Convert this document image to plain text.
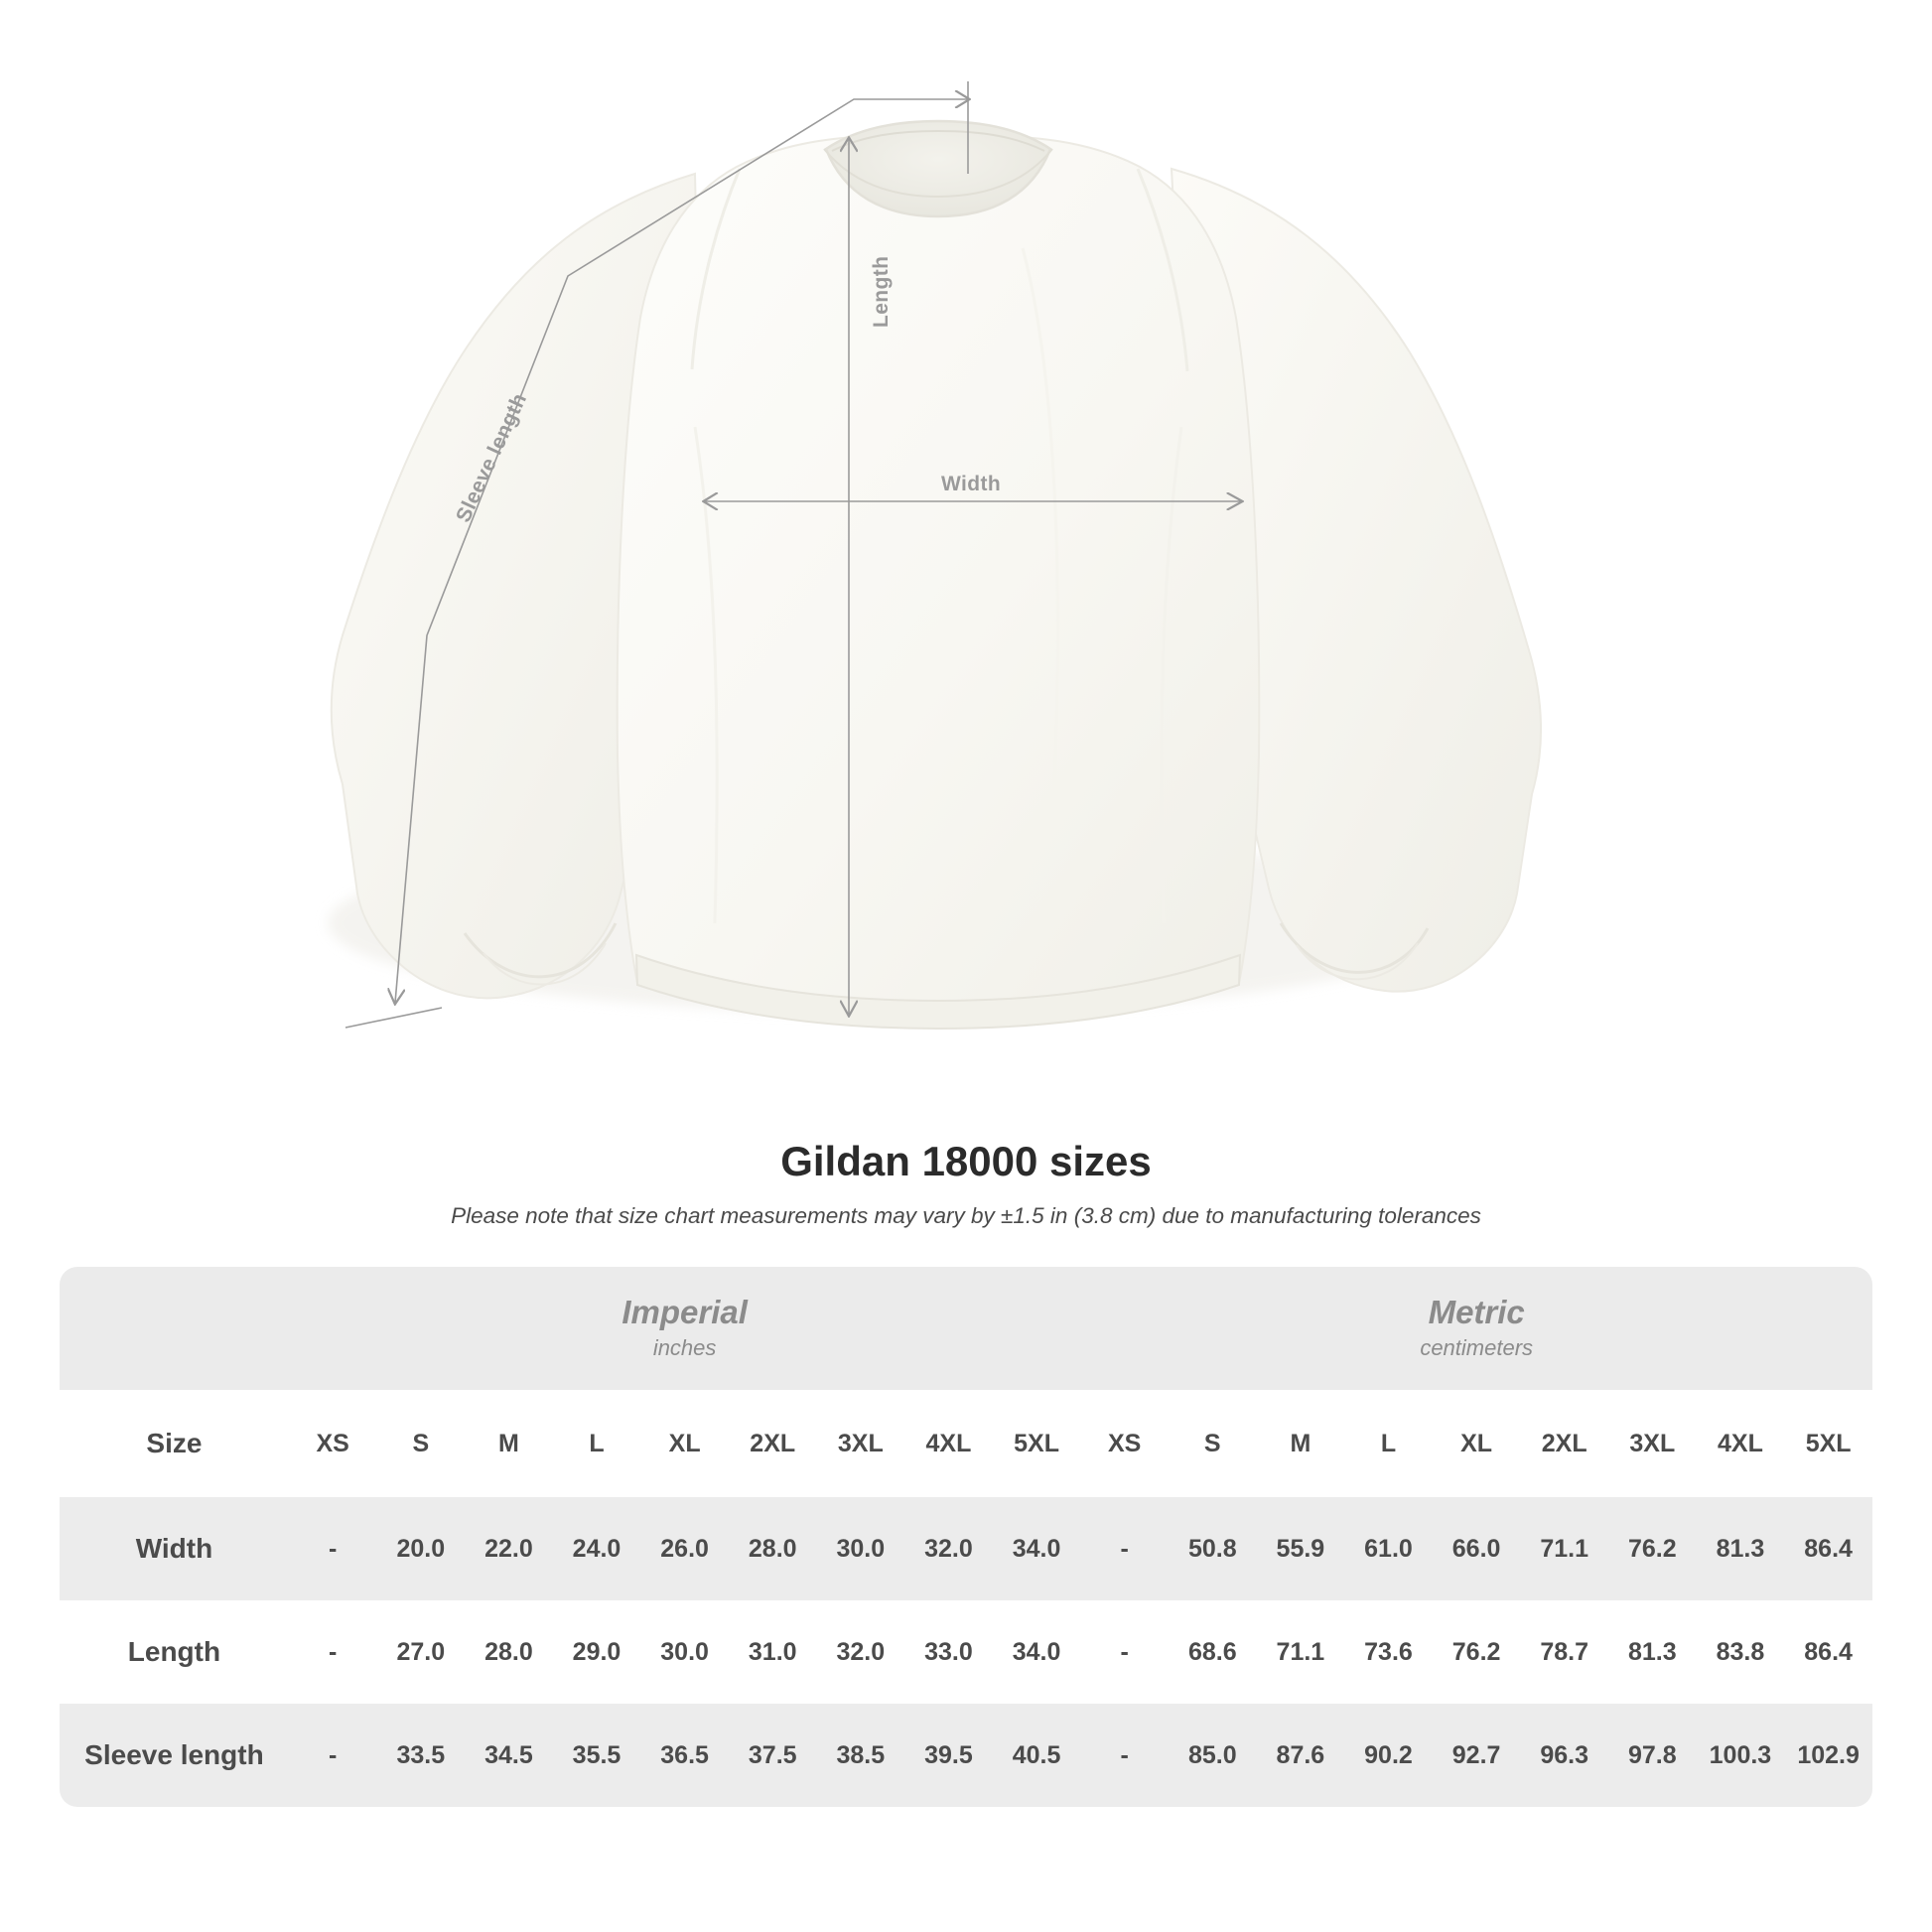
Length
Width
Sleeve length
Gildan 18000 sizes

Please note that size chart measurements may vary by ±1.5 in (3.8 cm) due to manufacturing tolerances

Imperial
inches

Metric
centimeters

Size	XS	S	M	L	XL	2XL	3XL	4XL	5XL	XS	S	M	L	XL	2XL	3XL	4XL	5XL
Width	-	20.0	22.0	24.0	26.0	28.0	30.0	32.0	34.0	-	50.8	55.9	61.0	66.0	71.1	76.2	81.3	86.4
Length	-	27.0	28.0	29.0	30.0	31.0	32.0	33.0	34.0	-	68.6	71.1	73.6	76.2	78.7	81.3	83.8	86.4
Sleeve length	-	33.5	34.5	35.5	36.5	37.5	38.5	39.5	40.5	-	85.0	87.6	90.2	92.7	96.3	97.8	100.3	102.9
